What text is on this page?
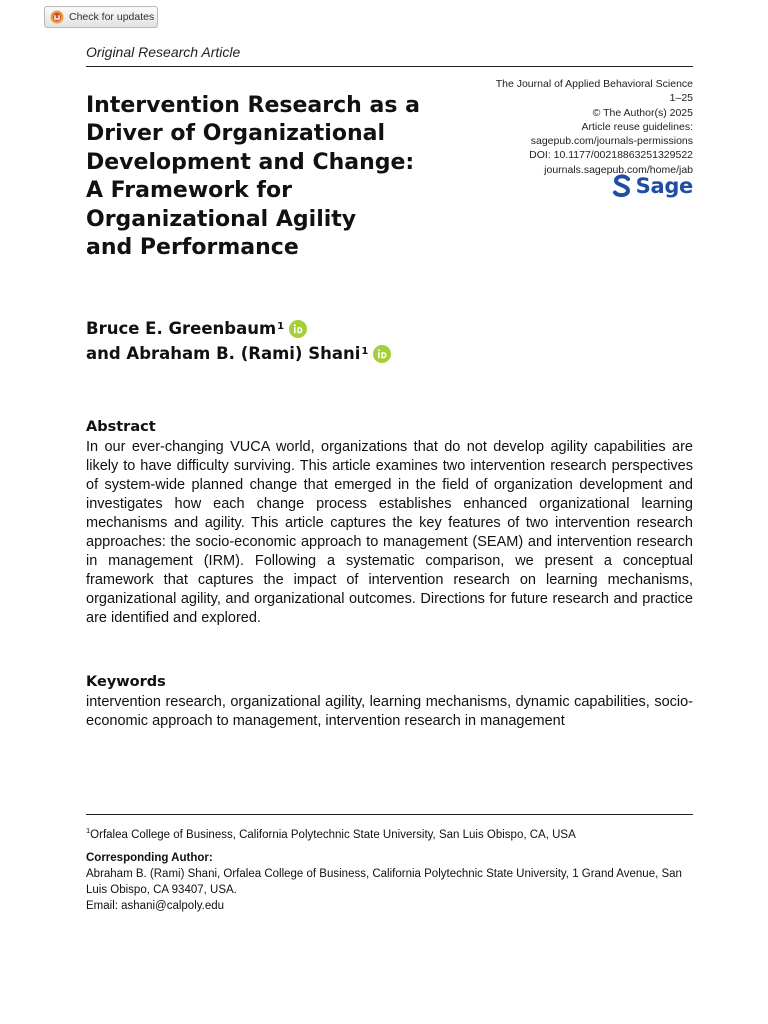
Check for updates
Original Research Article
Intervention Research as a
Driver of Organizational
Development and Change:
A Framework for
Organizational Agility
and Performance
The Journal of Applied Behavioral Science
1–25
© The Author(s) 2025
Article reuse guidelines:
sagepub.com/journals-permissions
DOI: 10.1177/00218863251329522
journals.sagepub.com/home/jab
Sage
Bruce E. Greenbaum$^1$
and Abraham B. (Rami) Shani$^1$
Abstract

In our ever-changing VUCA world, organizations that do not develop agility capabilities are likely to have difficulty surviving. This article examines two intervention research perspectives of system-wide planned change that emerged in the field of organization development and investigates how each change process establishes enhanced organizational learning mechanisms and agility. This article captures the key features of two intervention research approaches: the socio-economic approach to management (SEAM) and intervention research in management (IRM). Following a systematic comparison, we present a conceptual framework that captures the impact of intervention research on learning mechanisms, organizational agility, and organizational outcomes. Directions for future research and practice are identified and explored.

Keywords

intervention research, organizational agility, learning mechanisms, dynamic capabilities, socio-economic approach to management, intervention research in management

$^1$Orfalea College of Business, California Polytechnic State University, San Luis Obispo, CA, USA
Corresponding Author:
Abraham B. (Rami) Shani, Orfalea College of Business, California Polytechnic State University, 1 Grand Avenue, San Luis Obispo, CA 93407, USA.
Email: ashani@calpoly.edu
